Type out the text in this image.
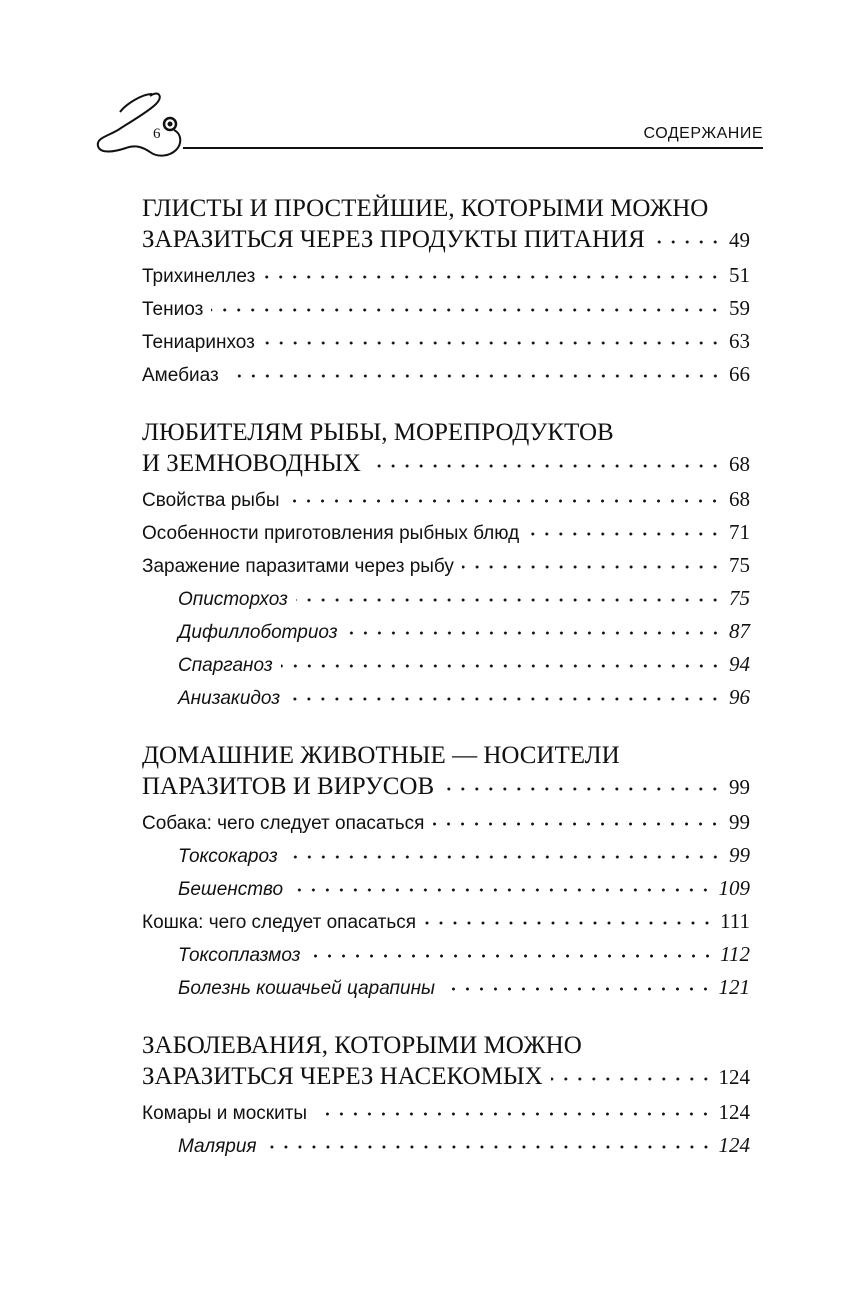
6	СОДЕРЖАНИЕ
ГЛИСТЫ И ПРОСТЕЙШИЕ, КОТОРЫМИ МОЖНО
ЗАРАЗИТЬСЯ ЧЕРЕЗ ПРОДУКТЫ ПИТАНИЯ	49
Трихинеллез	51
Тениоз	59
Тениаринхоз	63
Амебиаз	66
ЛЮБИТЕЛЯМ РЫБЫ, МОРЕПРОДУКТОВ
И ЗЕМНОВОДНЫХ	68
Свойства рыбы	68
Особенности приготовления рыбных блюд	71
Заражение паразитами через рыбу	75
Описторхоз	75
Дифиллоботриоз	87
Спарганоз	94
Анизакидоз	96
ДОМАШНИЕ ЖИВОТНЫЕ — НОСИТЕЛИ
ПАРАЗИТОВ И ВИРУСОВ	99
Собака: чего следует опасаться	99
Токсокароз	99
Бешенство	109
Кошка: чего следует опасаться	111
Токсоплазмоз	112
Болезнь кошачьей царапины	121
ЗАБОЛЕВАНИЯ, КОТОРЫМИ МОЖНО
ЗАРАЗИТЬСЯ ЧЕРЕЗ НАСЕКОМЫХ	124
Комары и москиты	124
Малярия	124
